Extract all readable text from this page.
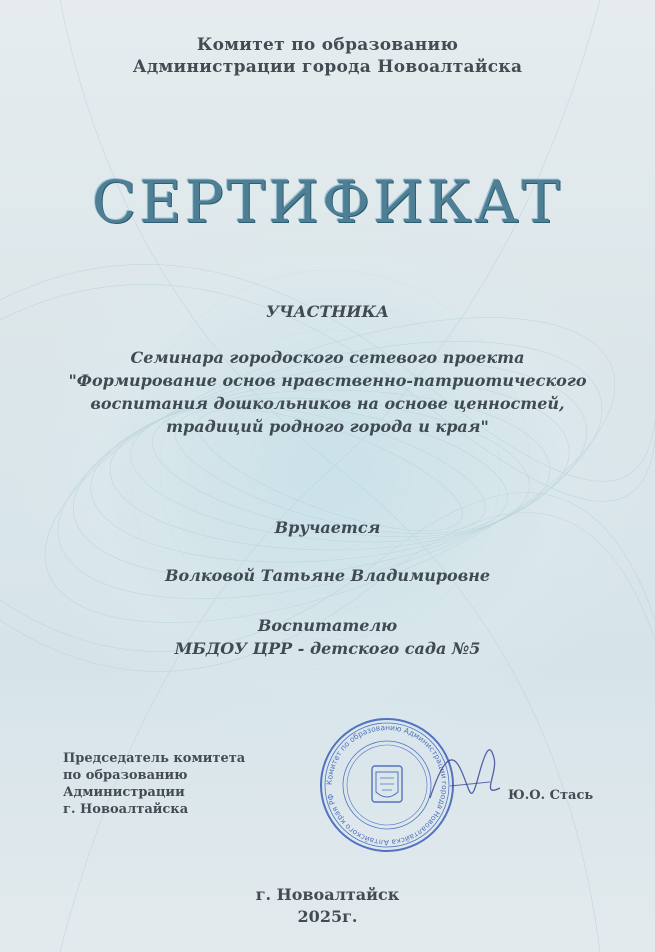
Комитет по образованию
Администрации города Новоалтайска
СЕРТИФИКАТ
УЧАСТНИКА
Семинара городоского сетевого проекта
"Формирование основ нравственно-патриотического
воспитания дошкольников на основе ценностей,
традиций родного города и края"
Вручается
Волковой Татьяне Владимировне
Воспитателю
МБДОУ ЦРР - детского сада №5
Председатель комитета
по образованию
Администрации
г. Новоалтайска
Комитет по образованию Администрации города Новоалтайска Алтайского края РФ	Ю.О. Стась
г. Новоалтайск
2025г.
